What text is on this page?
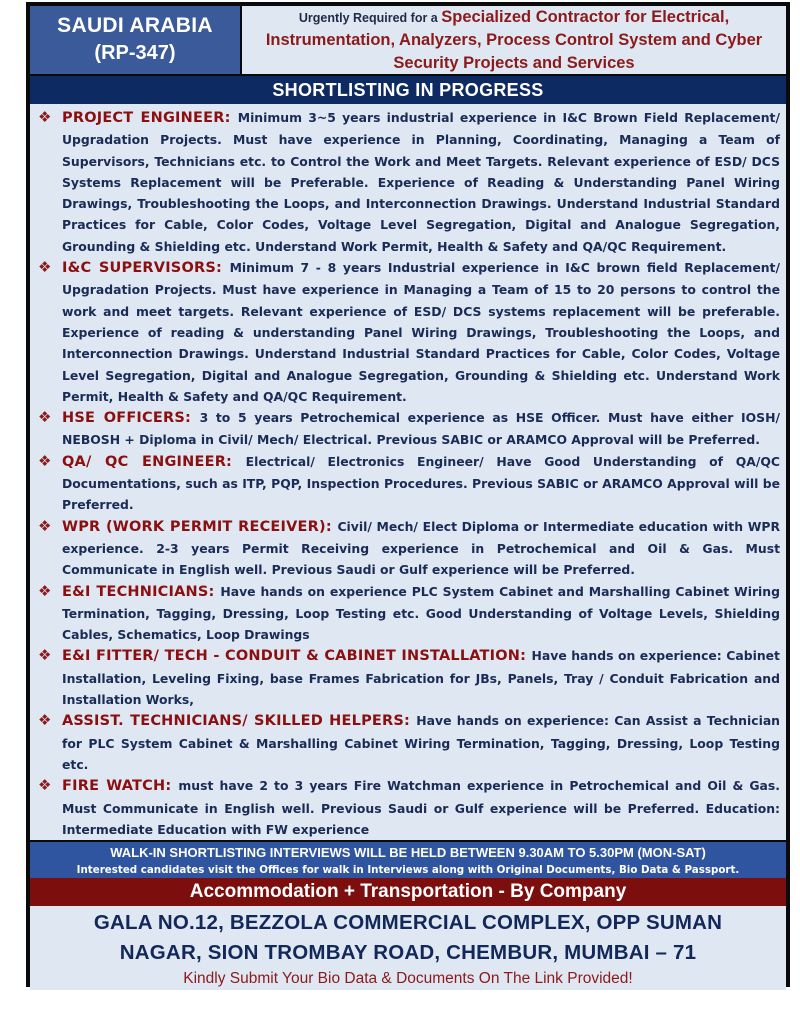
SAUDI ARABIA
(RP-347)
Urgently Required for a Specialized Contractor for Electrical, Instrumentation, Analyzers, Process Control System and Cyber Security Projects and Services
SHORTLISTING IN PROGRESS
❖ PROJECT ENGINEER: Minimum 3~5 years industrial experience in I&C Brown Field Replacement/ Upgradation Projects. Must have experience in Planning, Coordinating, Managing a Team of Supervisors, Technicians etc. to Control the Work and Meet Targets. Relevant experience of ESD/ DCS Systems Replacement will be Preferable. Experience of Reading & Understanding Panel Wiring Drawings, Troubleshooting the Loops, and Interconnection Drawings. Understand Industrial Standard Practices for Cable, Color Codes, Voltage Level Segregation, Digital and Analogue Segregation, Grounding & Shielding etc. Understand Work Permit, Health & Safety and QA/QC Requirement.
❖ I&C SUPERVISORS: Minimum 7 - 8 years Industrial experience in I&C brown field Replacement/ Upgradation Projects. Must have experience in Managing a Team of 15 to 20 persons to control the work and meet targets. Relevant experience of ESD/ DCS systems replacement will be preferable. Experience of reading & understanding Panel Wiring Drawings, Troubleshooting the Loops, and Interconnection Drawings. Understand Industrial Standard Practices for Cable, Color Codes, Voltage Level Segregation, Digital and Analogue Segregation, Grounding & Shielding etc. Understand Work Permit, Health & Safety and QA/QC Requirement.
❖ HSE OFFICERS: 3 to 5 years Petrochemical experience as HSE Officer. Must have either IOSH/ NEBOSH + Diploma in Civil/ Mech/ Electrical. Previous SABIC or ARAMCO Approval will be Preferred.
❖ QA/ QC ENGINEER: Electrical/ Electronics Engineer/ Have Good Understanding of QA/QC Documentations, such as ITP, PQP, Inspection Procedures. Previous SABIC or ARAMCO Approval will be Preferred.
❖ WPR (WORK PERMIT RECEIVER): Civil/ Mech/ Elect Diploma or Intermediate education with WPR experience. 2-3 years Permit Receiving experience in Petrochemical and Oil & Gas. Must Communicate in English well. Previous Saudi or Gulf experience will be Preferred.
❖ E&I TECHNICIANS: Have hands on experience PLC System Cabinet and Marshalling Cabinet Wiring Termination, Tagging, Dressing, Loop Testing etc. Good Understanding of Voltage Levels, Shielding Cables, Schematics, Loop Drawings
❖ E&I FITTER/ TECH - CONDUIT & CABINET INSTALLATION: Have hands on experience: Cabinet Installation, Leveling Fixing, base Frames Fabrication for JBs, Panels, Tray / Conduit Fabrication and Installation Works,
❖ ASSIST. TECHNICIANS/ SKILLED HELPERS: Have hands on experience: Can Assist a Technician for PLC System Cabinet & Marshalling Cabinet Wiring Termination, Tagging, Dressing, Loop Testing etc.
❖ FIRE WATCH: must have 2 to 3 years Fire Watchman experience in Petrochemical and Oil & Gas. Must Communicate in English well. Previous Saudi or Gulf experience will be Preferred. Education: Intermediate Education with FW experience
WALK-IN SHORTLISTING INTERVIEWS WILL BE HELD BETWEEN 9.30AM TO 5.30PM (MON-SAT)
Interested candidates visit the Offices for walk in Interviews along with Original Documents, Bio Data & Passport.
Accommodation + Transportation - By Company
GALA NO.12, BEZZOLA COMMERCIAL COMPLEX, OPP SUMAN
NAGAR, SION TROMBAY ROAD, CHEMBUR, MUMBAI – 71
Kindly Submit Your Bio Data & Documents On The Link Provided!
